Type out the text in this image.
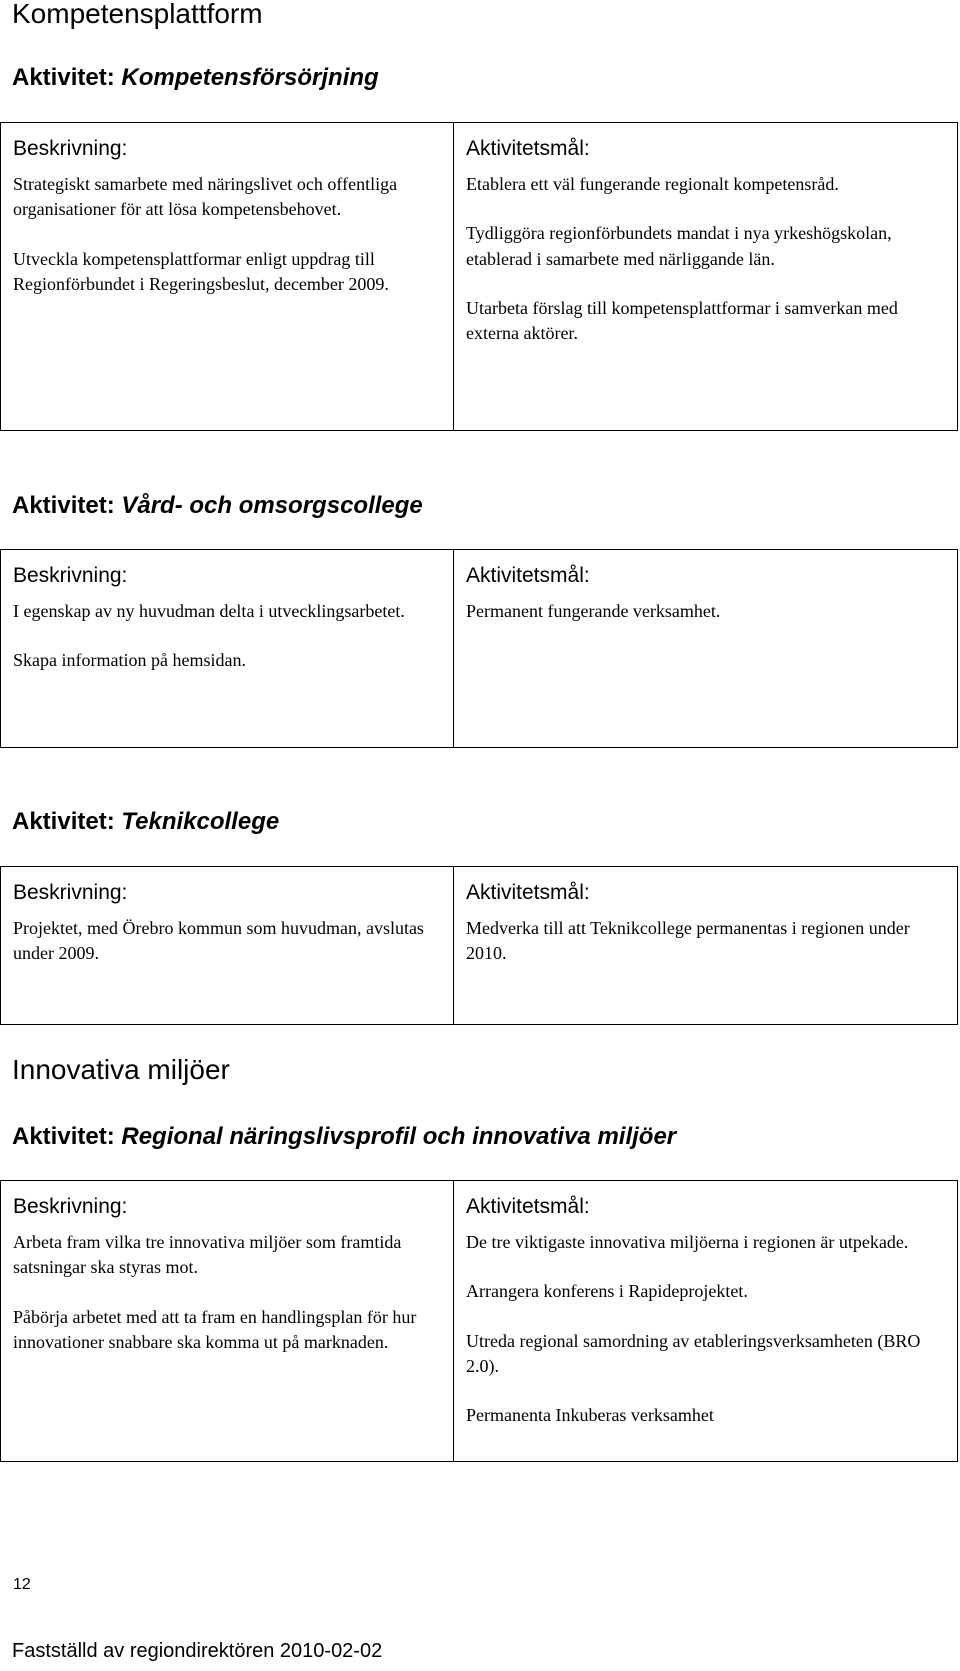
Kompetensplattform
Aktivitet: Kompetensförsörjning
Beskrivning:

Strategiskt samarbete med näringslivet och offentliga organisationer för att lösa kompetensbehovet.

Utveckla kompetensplattformar enligt uppdrag till Regionförbundet i Regeringsbeslut, december 2009.

Aktivitetsmål:

Etablera ett väl fungerande regionalt kompetensråd.

Tydliggöra regionförbundets mandat i nya yrkeshögskolan, etablerad i samarbete med närliggande län.

Utarbeta förslag till kompetensplattformar i samverkan med externa aktörer.

Aktivitet: Vård- och omsorgscollege
Beskrivning:

I egenskap av ny huvudman delta i utvecklingsarbetet.

Skapa information på hemsidan.

Aktivitetsmål:

Permanent fungerande verksamhet.

Aktivitet: Teknikcollege
Beskrivning:

Projektet, med Örebro kommun som huvudman, avslutas under 2009.

Aktivitetsmål:

Medverka till att Teknikcollege permanentas i regionen under 2010.

Innovativa miljöer
Aktivitet: Regional näringslivsprofil och innovativa miljöer
Beskrivning:

Arbeta fram vilka tre innovativa miljöer som framtida satsningar ska styras mot.

Påbörja arbetet med att ta fram en handlingsplan för hur innovationer snabbare ska komma ut på marknaden.

Aktivitetsmål:

De tre viktigaste innovativa miljöerna i regionen är utpekade.

Arrangera konferens i Rapideprojektet.

Utreda regional samordning av etableringsverksamheten (BRO 2.0).

Permanenta Inkuberas verksamhet

12
Fastställd av regiondirektören 2010-02-02
